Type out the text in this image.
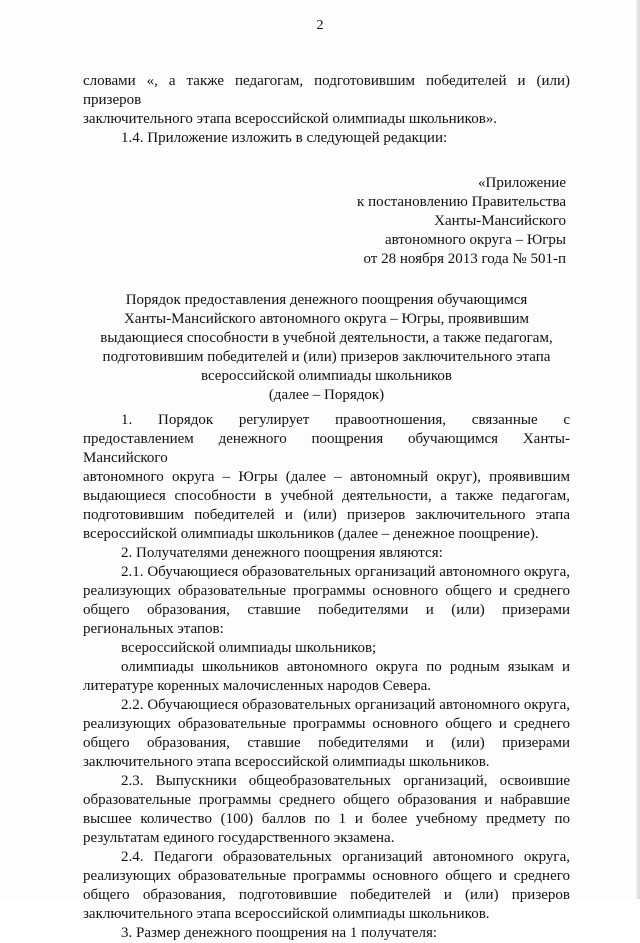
2
словами «, а также педагогам, подготовившим победителей и (или) призеров
заключительного этапа всероссийской олимпиады школьников».
1.4. Приложение изложить в следующей редакции:
«Приложение
к постановлению Правительства
Ханты-Мансийского
автономного округа – Югры
от 28 ноября 2013 года № 501-п
Порядок предоставления денежного поощрения обучающимся
Ханты-Мансийского автономного округа – Югры, проявившим
выдающиеся способности в учебной деятельности, а также педагогам,
подготовившим победителей и (или) призеров заключительного этапа
всероссийской олимпиады школьников
(далее – Порядок)
1. Порядок регулирует правоотношения, связанные с
предоставлением денежного поощрения обучающимся Ханты-Мансийского
автономного округа – Югры (далее – автономный округ), проявившим
выдающиеся способности в учебной деятельности, а также педагогам,
подготовившим победителей и (или) призеров заключительного этапа
всероссийской олимпиады школьников (далее – денежное поощрение).
2. Получателями денежного поощрения являются:
2.1. Обучающиеся образовательных организаций автономного округа,
реализующих образовательные программы основного общего и среднего
общего образования, ставшие победителями и (или) призерами
региональных этапов:
всероссийской олимпиады школьников;
олимпиады школьников автономного округа по родным языкам и
литературе коренных малочисленных народов Севера.
2.2. Обучающиеся образовательных организаций автономного округа,
реализующих образовательные программы основного общего и среднего
общего образования, ставшие победителями и (или) призерами
заключительного этапа всероссийской олимпиады школьников.
2.3. Выпускники общеобразовательных организаций, освоившие
образовательные программы среднего общего образования и набравшие
высшее количество (100) баллов по 1 и более учебному предмету по
результатам единого государственного экзамена.
2.4. Педагоги образовательных организаций автономного округа,
реализующих образовательные программы основного общего и среднего
общего образования, подготовившие победителей и (или) призеров
заключительного этапа всероссийской олимпиады школьников.
3. Размер денежного поощрения на 1 получателя:
